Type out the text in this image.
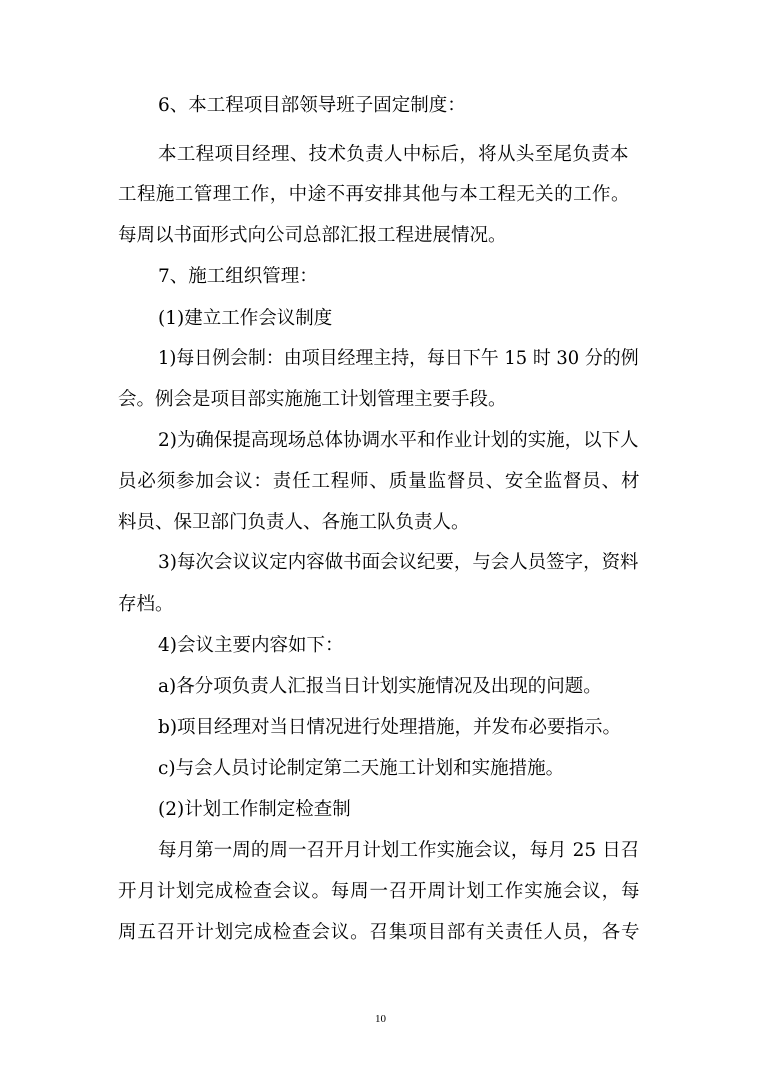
6、本工程项目部领导班子固定制度：
本工程项目经理、技术负责人中标后，将从头至尾负责本
工程施工管理工作，中途不再安排其他与本工程无关的工作。
每周以书面形式向公司总部汇报工程进展情况。
7、施工组织管理：
(1)建立工作会议制度
1)每日例会制：由项目经理主持，每日下午 15 时 30 分的例
会。例会是项目部实施施工计划管理主要手段。
2)为确保提高现场总体协调水平和作业计划的实施，以下人
员必须参加会议：责任工程师、质量监督员、安全监督员、材
料员、保卫部门负责人、各施工队负责人。
3)每次会议议定内容做书面会议纪要，与会人员签字，资料
存档。
4)会议主要内容如下：
a)各分项负责人汇报当日计划实施情况及出现的问题。
b)项目经理对当日情况进行处理措施，并发布必要指示。
c)与会人员讨论制定第二天施工计划和实施措施。
(2)计划工作制定检查制
每月第一周的周一召开月计划工作实施会议，每月 25 日召
开月计划完成检查会议。每周一召开周计划工作实施会议，每
周五召开计划完成检查会议。召集项目部有关责任人员，各专
10
